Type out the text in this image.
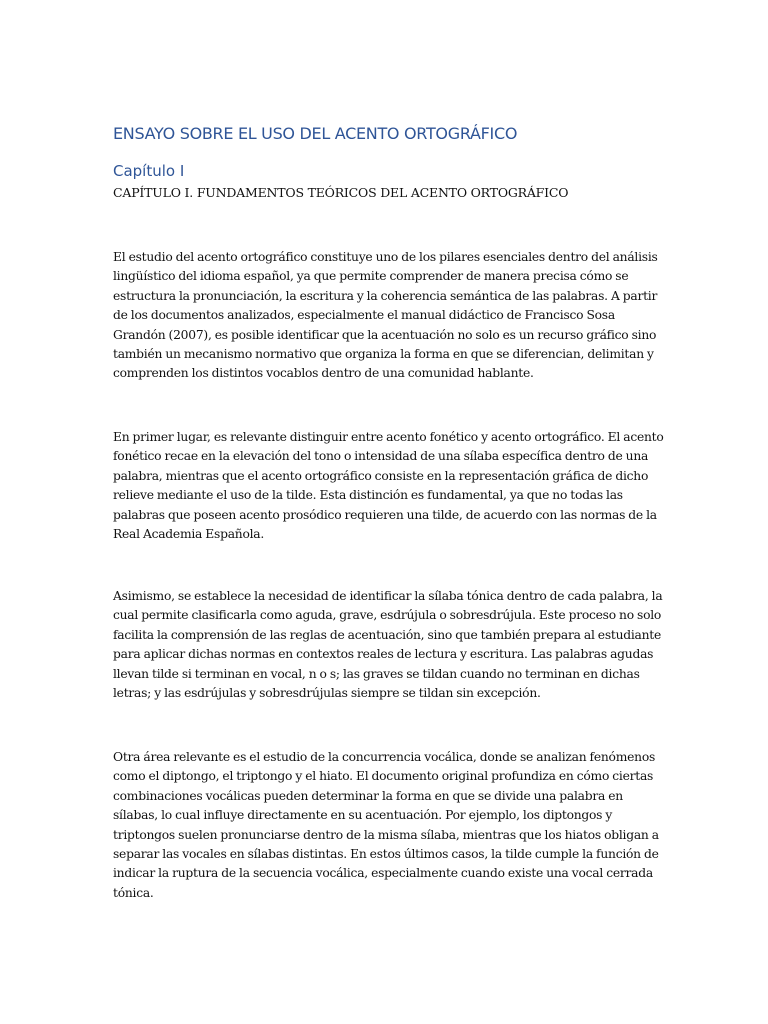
ENSAYO SOBRE EL USO DEL ACENTO ORTOGRÁFICO
Capítulo I

CAPÍTULO I. FUNDAMENTOS TEÓRICOS DEL ACENTO ORTOGRÁFICO

El estudio del acento ortográfico constituye uno de los pilares esenciales dentro del análisis
lingüístico del idioma español, ya que permite comprender de manera precisa cómo se
estructura la pronunciación, la escritura y la coherencia semántica de las palabras. A partir
de los documentos analizados, especialmente el manual didáctico de Francisco Sosa
Grandón (2007), es posible identificar que la acentuación no solo es un recurso gráfico sino
también un mecanismo normativo que organiza la forma en que se diferencian, delimitan y
comprenden los distintos vocablos dentro de una comunidad hablante.

En primer lugar, es relevante distinguir entre acento fonético y acento ortográfico. El acento
fonético recae en la elevación del tono o intensidad de una sílaba específica dentro de una
palabra, mientras que el acento ortográfico consiste en la representación gráfica de dicho
relieve mediante el uso de la tilde. Esta distinción es fundamental, ya que no todas las
palabras que poseen acento prosódico requieren una tilde, de acuerdo con las normas de la
Real Academia Española.

Asimismo, se establece la necesidad de identificar la sílaba tónica dentro de cada palabra, la
cual permite clasificarla como aguda, grave, esdrújula o sobresdrújula. Este proceso no solo
facilita la comprensión de las reglas de acentuación, sino que también prepara al estudiante
para aplicar dichas normas en contextos reales de lectura y escritura. Las palabras agudas
llevan tilde si terminan en vocal, n o s; las graves se tildan cuando no terminan en dichas
letras; y las esdrújulas y sobresdrújulas siempre se tildan sin excepción.

Otra área relevante es el estudio de la concurrencia vocálica, donde se analizan fenómenos
como el diptongo, el triptongo y el hiato. El documento original profundiza en cómo ciertas
combinaciones vocálicas pueden determinar la forma en que se divide una palabra en
sílabas, lo cual influye directamente en su acentuación. Por ejemplo, los diptongos y
triptongos suelen pronunciarse dentro de la misma sílaba, mientras que los hiatos obligan a
separar las vocales en sílabas distintas. En estos últimos casos, la tilde cumple la función de
indicar la ruptura de la secuencia vocálica, especialmente cuando existe una vocal cerrada
tónica.
